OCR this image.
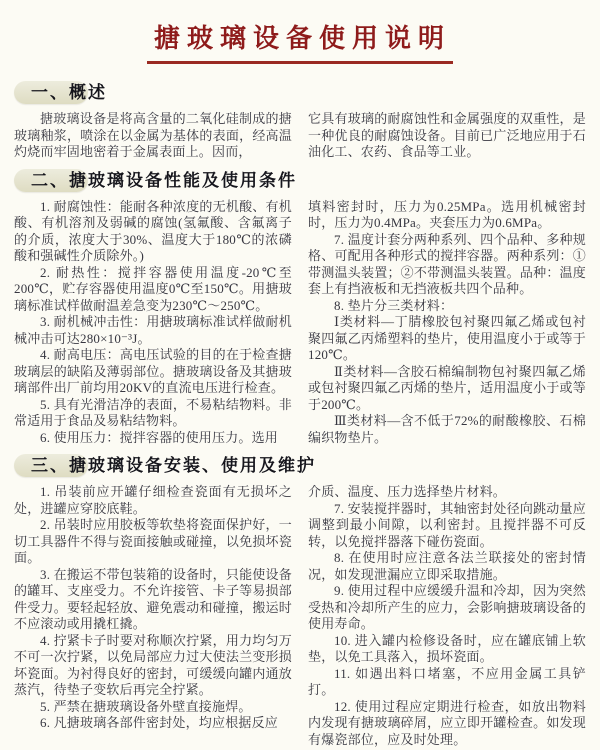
搪玻璃设备使用说明
一、概述

搪玻璃设备是将高含量的二氧化硅制成的搪玻璃釉浆，喷涂在以金属为基体的表面，经高温灼烧而牢固地密着于金属表面上。因而，

它具有玻璃的耐腐蚀性和金属强度的双重性，是一种优良的耐腐蚀设备。目前已广泛地应用于石油化工、农药、食品等工业。

二、搪玻璃设备性能及使用条件

1. 耐腐蚀性：能耐各种浓度的无机酸、有机酸、有机溶剂及弱碱的腐蚀(氢氟酸、含氟离子的介质，浓度大于30%、温度大于180℃的浓磷酸和强碱性介质除外。)

2. 耐热性：搅拌容器使用温度-20℃至200℃，贮存容器使用温度0℃至150℃。用搪玻璃标准试样做耐温差急变为230℃～250℃。

3. 耐机械冲击性：用搪玻璃标准试样做耐机械冲击可达280×10⁻³J。

4. 耐高电压：高电压试验的目的在于检查搪玻璃层的缺陷及薄弱部位。搪玻璃设备及其搪玻璃部件出厂前均用20KV的直流电压进行检查。

5. 具有光滑洁净的表面，不易粘结物料。非常适用于食品及易粘结物料。

6. 使用压力：搅拌容器的使用压力。选用

填料密封时，压力为0.25MPa。选用机械密封时，压力为0.4MPa。夹套压力为0.6MPa。

7. 温度计套分两种系列、四个品种、多种规格、可配用各种形式的搅拌容器。两种系列：①带测温头装置；②不带测温头装置。品种：温度套上有挡液板和无挡液板共四个品种。

8. 垫片分三类材料：

Ⅰ类材料—丁腈橡胶包衬聚四氟乙烯或包衬聚四氟乙丙烯塑料的垫片，使用温度小于或等于120℃。

Ⅱ类材料—含胶石棉编制物包衬聚四氟乙烯或包衬聚四氟乙丙烯的垫片，适用温度小于或等于200℃。

Ⅲ类材料—含不低于72%的耐酸橡胶、石棉编织物垫片。

三、搪玻璃设备安装、使用及维护

1. 吊装前应开罐仔细检查瓷面有无损坏之处，进罐应穿胶底鞋。

2. 吊装时应用胶板等软垫将瓷面保护好，一切工具器件不得与瓷面接触或碰撞，以免损坏瓷面。

3. 在搬运不带包装箱的设备时，只能使设备的罐耳、支座受力。不允许接管、卡子等易损部件受力。要轻起轻放、避免震动和碰撞，搬运时不应滚动或用撬杠撬。

4. 拧紧卡子时要对称顺次拧紧，用力均匀万不可一次拧紧，以免局部应力过大使法兰变形损坏瓷面。为衬得良好的密封，可缓缓向罐内通放蒸汽，待垫子变软后再完全拧紧。

5. 严禁在搪玻璃设备外壁直接施焊。

6. 凡搪玻璃各部件密封处，均应根据反应

介质、温度、压力选择垫片材料。

7. 安装搅拌器时，其轴密封处径向跳动量应调整到最小间隙，以利密封。且搅拌器不可反转，以免搅拌器落下碰伤瓷面。

8. 在使用时应注意各法兰联接处的密封情况，如发现泄漏应立即采取措施。

9. 使用过程中应缓缓升温和冷却，因为突然受热和冷却所产生的应力，会影响搪玻璃设备的使用寿命。

10. 进入罐内检修设备时，应在罐底铺上软垫，以免工具落入，损坏瓷面。

11. 如遇出料口堵塞，不应用金属工具铲打。

12. 使用过程应定期进行检查，如放出物料内发现有搪玻璃碎屑，应立即开罐检查。如发现有爆瓷部位，应及时处理。
